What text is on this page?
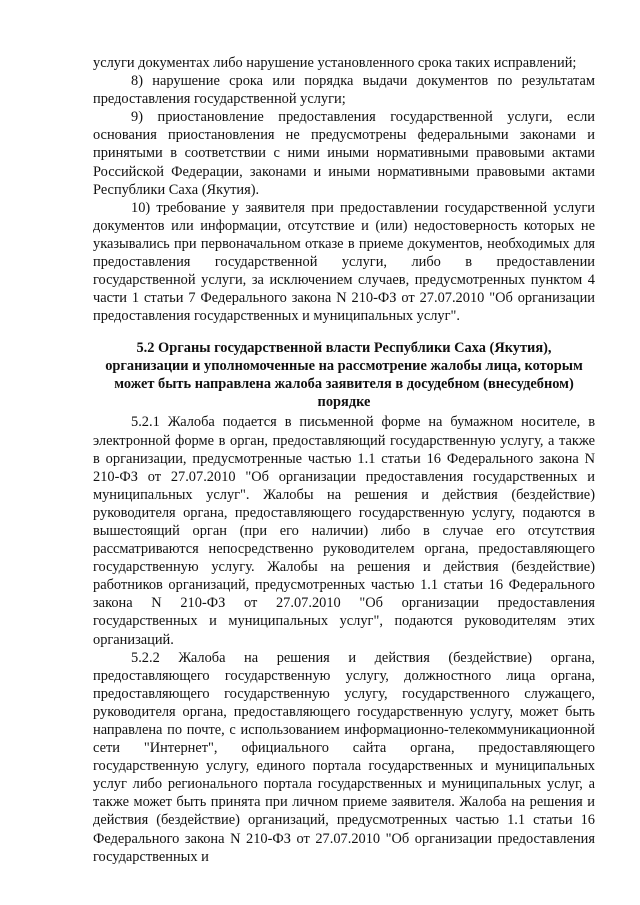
услуги документах либо нарушение установленного срока таких исправлений;

8) нарушение срока или порядка выдачи документов по результатам предоставления государственной услуги;

9) приостановление предоставления государственной услуги, если основания приостановления не предусмотрены федеральными законами и принятыми в соответствии с ними иными нормативными правовыми актами Российской Федерации, законами и иными нормативными правовыми актами Республики Саха (Якутия).

10) требование у заявителя при предоставлении государственной услуги документов или информации, отсутствие и (или) недостоверность которых не указывались при первоначальном отказе в приеме документов, необходимых для предоставления государственной услуги, либо в предоставлении государственной услуги, за исключением случаев, предусмотренных пунктом 4 части 1 статьи 7 Федерального закона N 210-ФЗ от 27.07.2010 "Об организации предоставления государственных и муниципальных услуг".

5.2 Органы государственной власти Республики Саха (Якутия), организации и уполномоченные на рассмотрение жалобы лица, которым может быть направлена жалоба заявителя в досудебном (внесудебном) порядке

5.2.1 Жалоба подается в письменной форме на бумажном носителе, в электронной форме в орган, предоставляющий государственную услугу, а также в организации, предусмотренные частью 1.1 статьи 16 Федерального закона N 210-ФЗ от 27.07.2010 "Об организации предоставления государственных и муниципальных услуг". Жалобы на решения и действия (бездействие) руководителя органа, предоставляющего государственную услугу, подаются в вышестоящий орган (при его наличии) либо в случае его отсутствия рассматриваются непосредственно руководителем органа, предоставляющего государственную услугу. Жалобы на решения и действия (бездействие) работников организаций, предусмотренных частью 1.1 статьи 16 Федерального закона N 210-ФЗ от 27.07.2010 "Об организации предоставления государственных и муниципальных услуг", подаются руководителям этих организаций.

5.2.2 Жалоба на решения и действия (бездействие) органа, предоставляющего государственную услугу, должностного лица органа, предоставляющего государственную услугу, государственного служащего, руководителя органа, предоставляющего государственную услугу, может быть направлена по почте, с использованием информационно-телекоммуникационной сети "Интернет", официального сайта органа, предоставляющего государственную услугу, единого портала государственных и муниципальных услуг либо регионального портала государственных и муниципальных услуг, а также может быть принята при личном приеме заявителя. Жалоба на решения и действия (бездействие) организаций, предусмотренных частью 1.1 статьи 16 Федерального закона N 210-ФЗ от 27.07.2010 "Об организации предоставления государственных и
